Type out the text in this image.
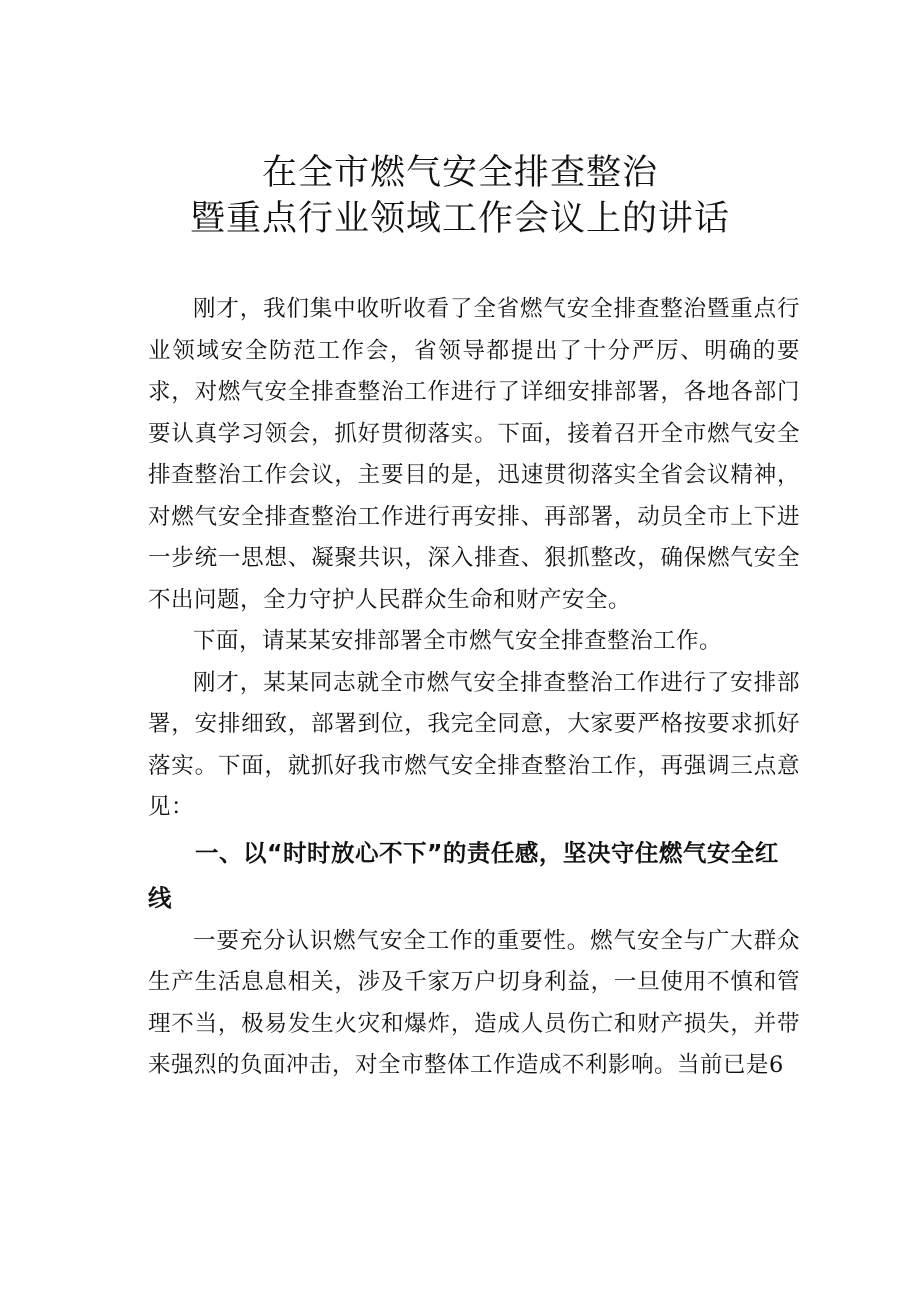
在全市燃气安全排查整治
暨重点行业领域工作会议上的讲话

刚才，我们集中收听收看了全省燃气安全排查整治暨重点行业领域安全防范工作会，省领导都提出了十分严厉、明确的要求，对燃气安全排查整治工作进行了详细安排部署，各地各部门要认真学习领会，抓好贯彻落实。下面，接着召开全市燃气安全排查整治工作会议，主要目的是，迅速贯彻落实全省会议精神，对燃气安全排查整治工作进行再安排、再部署，动员全市上下进一步统一思想、凝聚共识，深入排查、狠抓整改，确保燃气安全不出问题，全力守护人民群众生命和财产安全。

下面，请某某安排部署全市燃气安全排查整治工作。

刚才，某某同志就全市燃气安全排查整治工作进行了安排部署，安排细致，部署到位，我完全同意，大家要严格按要求抓好落实。下面，就抓好我市燃气安全排查整治工作，再强调三点意见：

一、以“时时放心不下”的责任感，坚决守住燃气安全红线

一要充分认识燃气安全工作的重要性。燃气安全与广大群众生产生活息息相关，涉及千家万户切身利益，一旦使用不慎和管理不当，极易发生火灾和爆炸，造成人员伤亡和财产损失，并带来强烈的负面冲击，对全市整体工作造成不利影响。当前已是6
